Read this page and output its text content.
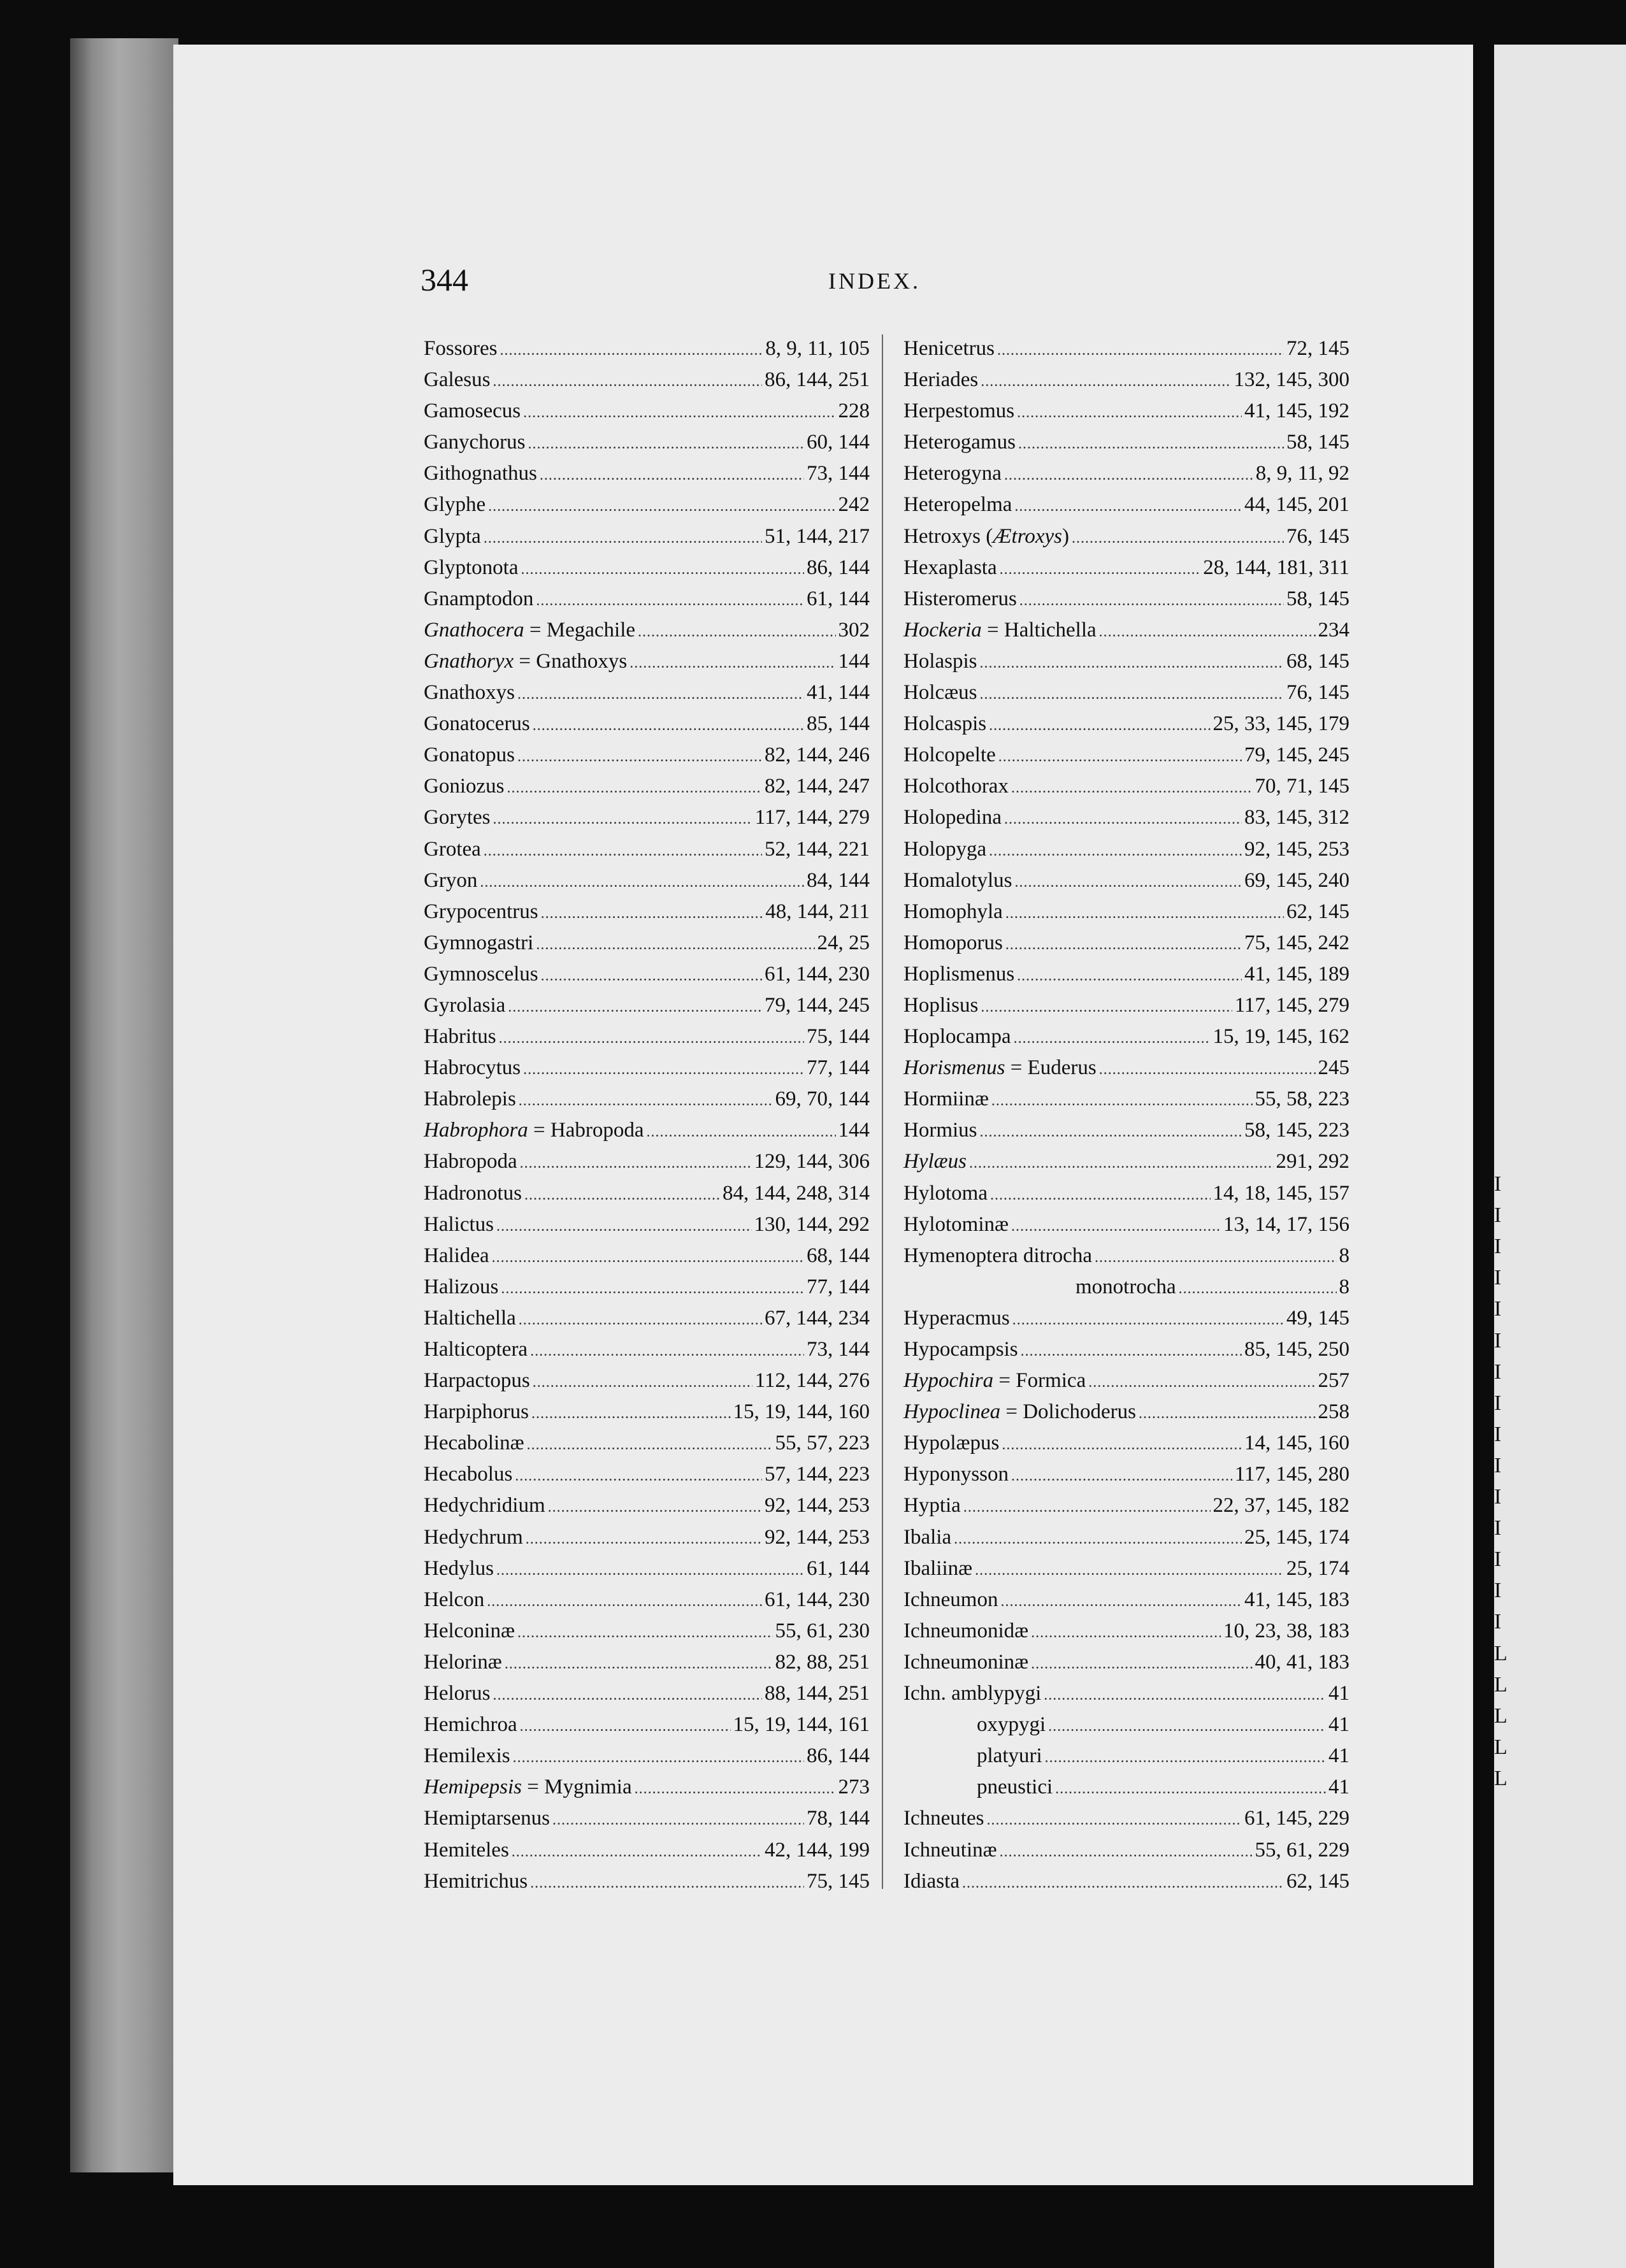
I
I
I
I
I
I
I
I
I
I
I
I
I
I
I
L
L
L
L
L
344	INDEX.
Fossores .....	8, 9, 11, 105
Galesus .....	86, 144, 251
Gamosecus .....	228
Ganychorus .....	60, 144
Githognathus .....	73, 144
Glyphe .....	242
Glypta .....	51, 144, 217
Glyptonota .....	86, 144
Gnamptodon .....	61, 144
Gnathocera = Megachile .....	302
Gnathoryx = Gnathoxys .....	144
Gnathoxys .....	41, 144
Gonatocerus .....	85, 144
Gonatopus .....	82, 144, 246
Goniozus .....	82, 144, 247
Gorytes .....	117, 144, 279
Grotea .....	52, 144, 221
Gryon .....	84, 144
Grypocentrus .....	48, 144, 211
Gymnogastri .....	24, 25
Gymnoscelus .....	61, 144, 230
Gyrolasia .....	79, 144, 245
Habritus .....	75, 144
Habrocytus .....	77, 144
Habrolepis .....	69, 70, 144
Habrophora = Habropoda .....	144
Habropoda .....	129, 144, 306
Hadronotus .....	84, 144, 248, 314
Halictus .....	130, 144, 292
Halidea .....	68, 144
Halizous .....	77, 144
Haltichella .....	67, 144, 234
Halticoptera .....	73, 144
Harpactopus .....	112, 144, 276
Harpiphorus .....	15, 19, 144, 160
Hecabolinæ .....	55, 57, 223
Hecabolus .....	57, 144, 223
Hedychridium .....	92, 144, 253
Hedychrum .....	92, 144, 253
Hedylus .....	61, 144
Helcon .....	61, 144, 230
Helconinæ .....	55, 61, 230
Helorinæ .....	82, 88, 251
Helorus .....	88, 144, 251
Hemichroa .....	15, 19, 144, 161
Hemilexis .....	86, 144
Hemipepsis = Mygnimia .....	273
Hemiptarsenus .....	78, 144
Hemiteles .....	42, 144, 199
Hemitrichus .....	75, 145
Henicetrus .....	72, 145
Heriades .....	132, 145, 300
Herpestomus .....	41, 145, 192
Heterogamus .....	58, 145
Heterogyna .....	8, 9, 11, 92
Heteropelma .....	44, 145, 201
Hetroxys (Ætroxys) .....	76, 145
Hexaplasta .....	28, 144, 181, 311
Histeromerus .....	58, 145
Hockeria = Haltichella .....	234
Holaspis .....	68, 145
Holcæus .....	76, 145
Holcaspis .....	25, 33, 145, 179
Holcopelte .....	79, 145, 245
Holcothorax .....	70, 71, 145
Holopedina .....	83, 145, 312
Holopyga .....	92, 145, 253
Homalotylus .....	69, 145, 240
Homophyla .....	62, 145
Homoporus .....	75, 145, 242
Hoplismenus .....	41, 145, 189
Hoplisus .....	117, 145, 279
Hoplocampa .....	15, 19, 145, 162
Horismenus = Euderus .....	245
Hormiinæ .....	55, 58, 223
Hormius .....	58, 145, 223
Hylæus .....	291, 292
Hylotoma .....	14, 18, 145, 157
Hylotominæ .....	13, 14, 17, 156
Hymenoptera ditrocha .....	8
monotrocha .....	8
Hyperacmus .....	49, 145
Hypocampsis .....	85, 145, 250
Hypochira = Formica .....	257
Hypoclinea = Dolichoderus .....	258
Hypolæpus .....	14, 145, 160
Hyponysson .....	117, 145, 280
Hyptia .....	22, 37, 145, 182
Ibalia .....	25, 145, 174
Ibaliinæ .....	25, 174
Ichneumon .....	41, 145, 183
Ichneumonidæ .....	10, 23, 38, 183
Ichneumoninæ .....	40, 41, 183
Ichn. amblypygi .....	41
oxypygi .....	41
platyuri .....	41
pneustici .....	41
Ichneutes .....	61, 145, 229
Ichneutinæ .....	55, 61, 229
Idiasta .....	62, 145
